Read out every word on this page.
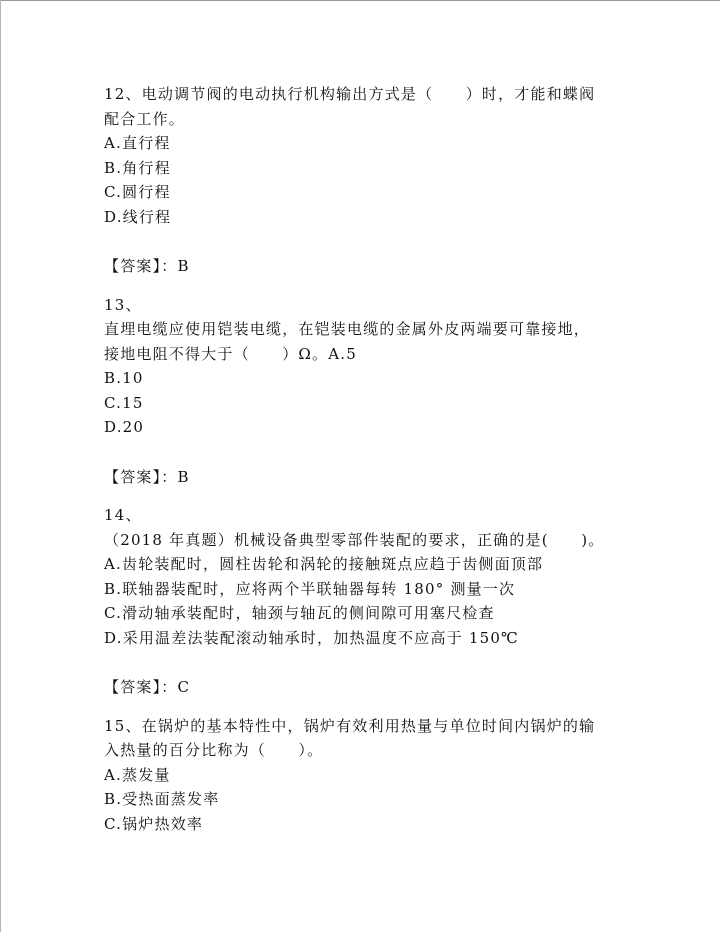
12、电动调节阀的电动执行机构输出方式是（　　）时，才能和蝶阀
配合工作。
A.直行程
B.角行程
C.圆行程
D.线行程
【答案】：B
13、
直埋电缆应使用铠装电缆，在铠装电缆的金属外皮两端要可靠接地，
接地电阻不得大于（　　）Ω。A.5
B.10
C.15
D.20
【答案】：B
14、
（2018 年真题）机械设备典型零部件装配的要求，正确的是(　　)。
A.齿轮装配时，圆柱齿轮和涡轮的接触斑点应趋于齿侧面顶部
B.联轴器装配时，应将两个半联轴器每转 180° 测量一次
C.滑动轴承装配时，轴颈与轴瓦的侧间隙可用塞尺检查
D.采用温差法装配滚动轴承时，加热温度不应高于 150℃
【答案】：C
15、在锅炉的基本特性中，锅炉有效利用热量与单位时间内锅炉的输
入热量的百分比称为（　　）。
A.蒸发量
B.受热面蒸发率
C.锅炉热效率
